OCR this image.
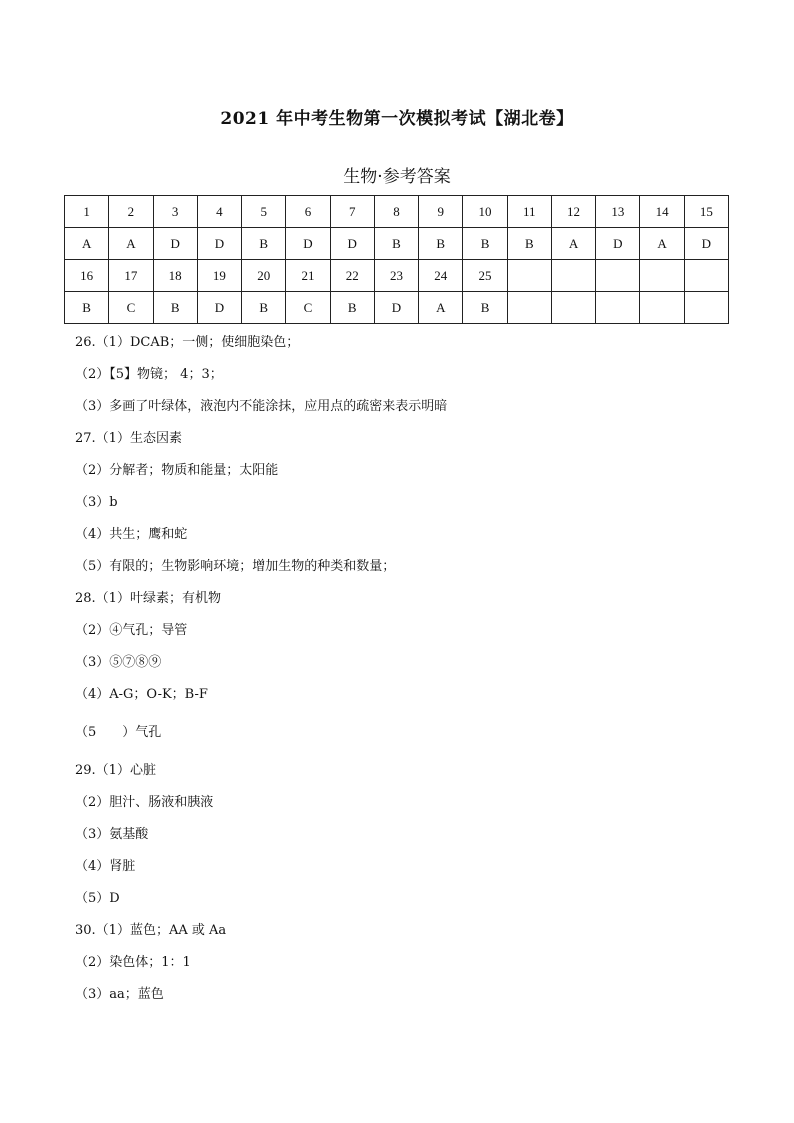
2021 年中考生物第一次模拟考试【湖北卷】
生物·参考答案
1	2	3	4	5	6	7	8	9	10	11	12	13	14	15
A	A	D	D	B	D	D	B	B	B	B	A	D	A	D
16	17	18	19	20	21	22	23	24	25					
B	C	B	D	B	C	B	D	A	B					
26.（1）DCAB；一侧；使细胞染色；
（2）【5】物镜； 4；3；
（3）多画了叶绿体，液泡内不能涂抹，应用点的疏密来表示明暗
27.（1）生态因素
（2）分解者；物质和能量；太阳能
（3）b
（4）共生；鹰和蛇
（5）有限的；生物影响环境；增加生物的种类和数量；
28.（1）叶绿素；有机物
（2）④气孔；导管
（3）⑤⑦⑧⑨
（4）A-G；O-K；B-F
（5　　）气孔
29.（1）心脏
（2）胆汁、肠液和胰液
（3）氨基酸
（4）肾脏
（5）D
30.（1）蓝色；AA 或 Aa
（2）染色体；1：1
（3）aa；蓝色
